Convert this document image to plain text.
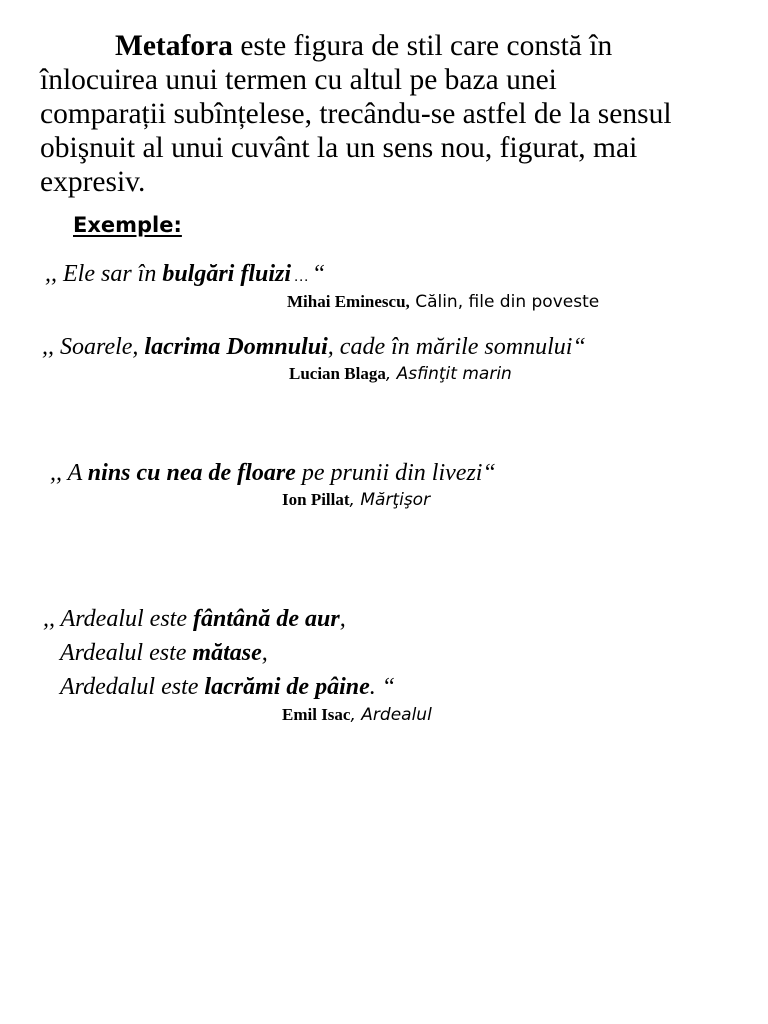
Metafora este figura de stil care constă în
înlocuirea unui termen cu altul pe baza unei
comparații subînțelese, trecându-se astfel de la sensul
obişnuit al unui cuvânt la un sens nou, figurat, mai
expresiv.
Exemple:
,, Ele sar în bulgări fluizi … “
Mihai Eminescu, Călin, file din poveste
,, Soarele, lacrima Domnului, cade în mările somnului“
Lucian Blaga, Asfinţit marin
,, A nins cu nea de floare pe prunii din livezi“
Ion Pillat, Mărţişor
,, Ardealul este fântână de aur,
Ardealul este mătase,
Ardedalul este lacrămi de pâine. “
Emil Isac, Ardealul
